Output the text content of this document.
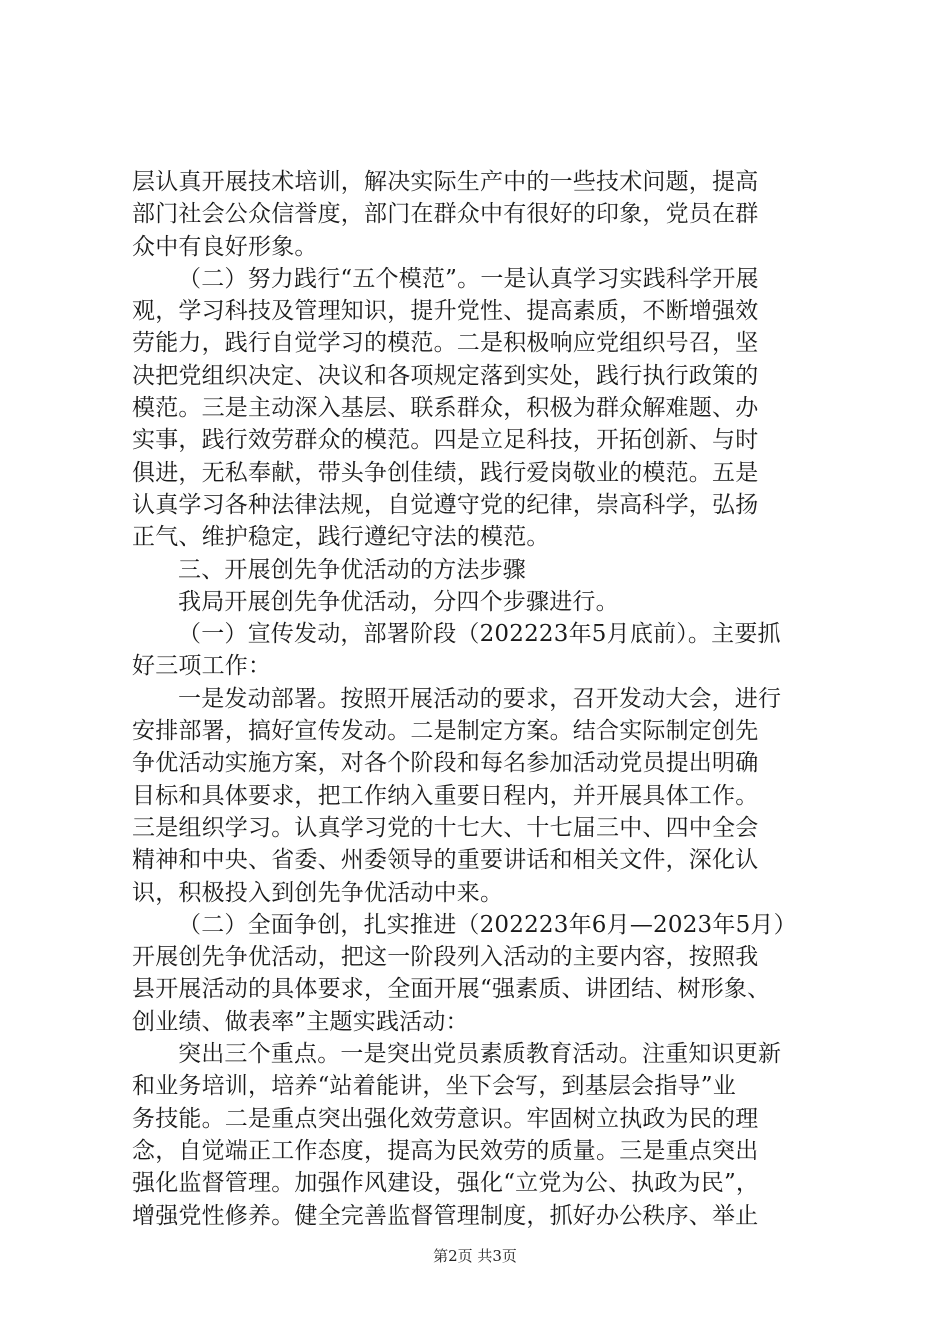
层认真开展技术培训，解决实际生产中的一些技术问题，提高
部门社会公众信誉度，部门在群众中有很好的印象，党员在群
众中有良好形象。
（二）努力践行“五个模范”。一是认真学习实践科学开展
观，学习科技及管理知识，提升党性、提高素质，不断增强效
劳能力，践行自觉学习的模范。二是积极响应党组织号召，坚
决把党组织决定、决议和各项规定落到实处，践行执行政策的
模范。三是主动深入基层、联系群众，积极为群众解难题、办
实事，践行效劳群众的模范。四是立足科技，开拓创新、与时
俱进，无私奉献，带头争创佳绩，践行爱岗敬业的模范。五是
认真学习各种法律法规，自觉遵守党的纪律，崇高科学，弘扬
正气、维护稳定，践行遵纪守法的模范。
三、开展创先争优活动的方法步骤
我局开展创先争优活动，分四个步骤进行。
（一）宣传发动，部署阶段（202223年5月底前）。主要抓
好三项工作：
一是发动部署。按照开展活动的要求，召开发动大会，进行
安排部署，搞好宣传发动。二是制定方案。结合实际制定创先
争优活动实施方案，对各个阶段和每名参加活动党员提出明确
目标和具体要求，把工作纳入重要日程内，并开展具体工作。
三是组织学习。认真学习党的十七大、十七届三中、四中全会
精神和中央、省委、州委领导的重要讲话和相关文件，深化认
识，积极投入到创先争优活动中来。
（二）全面争创，扎实推进（202223年6月—2023年5月）
开展创先争优活动，把这一阶段列入活动的主要内容，按照我
县开展活动的具体要求，全面开展“强素质、讲团结、树形象、
创业绩、做表率”主题实践活动：
突出三个重点。一是突出党员素质教育活动。注重知识更新
和业务培训，培养“站着能讲，坐下会写，到基层会指导”业
务技能。二是重点突出强化效劳意识。牢固树立执政为民的理
念，自觉端正工作态度，提高为民效劳的质量。三是重点突出
强化监督管理。加强作风建设，强化“立党为公、执政为民”，
增强党性修养。健全完善监督管理制度，抓好办公秩序、举止
第2页 共3页
